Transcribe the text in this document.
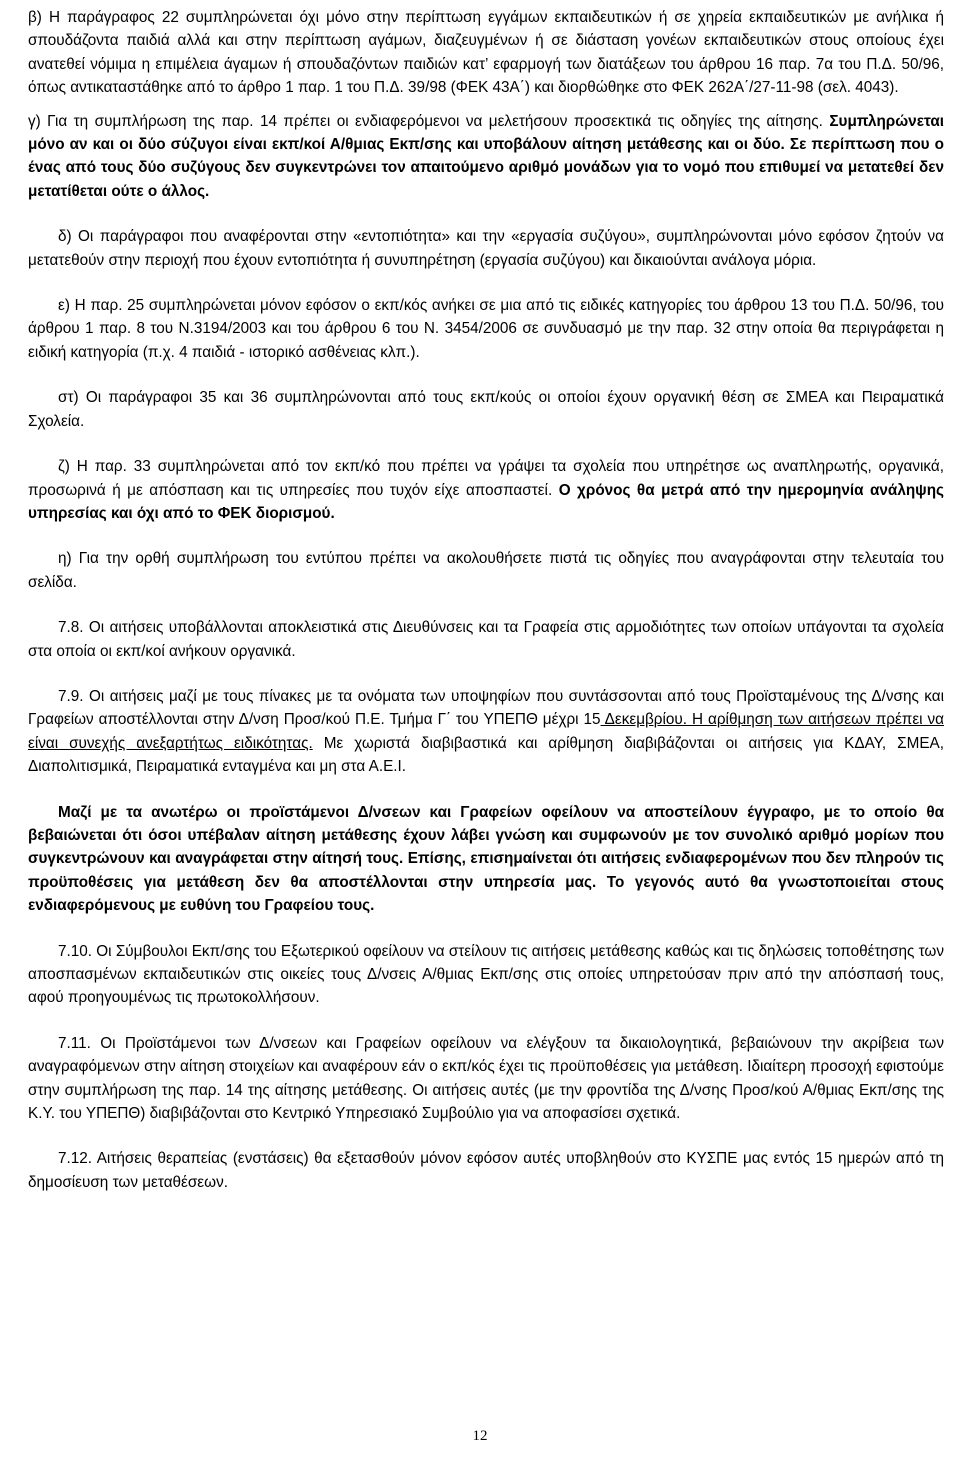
β) Η παράγραφος 22 συμπληρώνεται όχι μόνο στην περίπτωση εγγάμων εκπαιδευτικών ή σε χηρεία εκπαιδευτικών με ανήλικα ή σπουδάζοντα παιδιά αλλά και στην περίπτωση αγάμων, διαζευγμένων ή σε διάσταση γονέων εκπαιδευτικών στους οποίους έχει ανατεθεί νόμιμα η επιμέλεια άγαμων ή σπουδαζόντων παιδιών κατ’ εφαρμογή των διατάξεων του άρθρου 16 παρ. 7α του Π.Δ. 50/96, όπως αντικαταστάθηκε από το άρθρο 1 παρ. 1 του Π.Δ. 39/98 (ΦΕΚ 43Α΄) και διορθώθηκε στο ΦΕΚ 262Α΄/27-11-98 (σελ. 4043).

γ) Για τη συμπλήρωση της παρ. 14 πρέπει οι ενδιαφερόμενοι να μελετήσουν προσεκτικά τις οδηγίες της αίτησης. Συμπληρώνεται μόνο αν και οι δύο σύζυγοι είναι εκπ/κοί Α/θμιας Εκπ/σης και υποβάλουν αίτηση μετάθεσης και οι δύο. Σε περίπτωση που ο ένας από τους δύο συζύγους δεν συγκεντρώνει τον απαιτούμενο αριθμό μονάδων για το νομό που επιθυμεί να μετατεθεί δεν μετατίθεται ούτε ο άλλος.

δ) Οι παράγραφοι που αναφέρονται στην «εντοπιότητα» και την «εργασία συζύγου», συμπληρώνονται μόνο εφόσον ζητούν να μετατεθούν στην περιοχή που έχουν εντοπιότητα ή συνυπηρέτηση (εργασία συζύγου) και δικαιούνται ανάλογα μόρια.

ε) Η παρ. 25 συμπληρώνεται μόνον εφόσον ο εκπ/κός ανήκει σε μια από τις ειδικές κατηγορίες του άρθρου 13 του Π.Δ. 50/96, του άρθρου 1 παρ. 8 του Ν.3194/2003 και του άρθρου 6 του Ν. 3454/2006 σε συνδυασμό με την παρ. 32 στην οποία θα περιγράφεται η ειδική κατηγορία (π.χ. 4 παιδιά - ιστορικό ασθένειας κλπ.).

στ) Οι παράγραφοι 35 και 36 συμπληρώνονται από τους εκπ/κούς οι οποίοι έχουν οργανική θέση σε ΣΜΕΑ και Πειραματικά Σχολεία.

ζ) Η παρ. 33 συμπληρώνεται από τον εκπ/κό που πρέπει να γράψει τα σχολεία που υπηρέτησε ως αναπληρωτής, οργανικά, προσωρινά ή με απόσπαση και τις υπηρεσίες που τυχόν είχε αποσπαστεί. Ο χρόνος θα μετρά από την ημερομηνία ανάληψης υπηρεσίας και όχι από το ΦΕΚ διορισμού.

η) Για την ορθή συμπλήρωση του εντύπου πρέπει να ακολουθήσετε πιστά τις οδηγίες που αναγράφονται στην τελευταία του σελίδα.

7.8. Οι αιτήσεις υποβάλλονται αποκλειστικά στις Διευθύνσεις και τα Γραφεία στις αρμοδιότητες των οποίων υπάγονται τα σχολεία στα οποία οι εκπ/κοί ανήκουν οργανικά.

7.9. Οι αιτήσεις μαζί με τους πίνακες με τα ονόματα των υποψηφίων που συντάσσονται από τους Προϊσταμένους της Δ/νσης και Γραφείων αποστέλλονται στην Δ/νση Προσ/κού Π.Ε. Τμήμα Γ΄ του ΥΠΕΠΘ μέχρι 15 Δεκεμβρίου. Η αρίθμηση των αιτήσεων πρέπει να είναι συνεχής ανεξαρτήτως ειδικότητας. Με χωριστά διαβιβαστικά και αρίθμηση διαβιβάζονται οι αιτήσεις για ΚΔΑΥ, ΣΜΕΑ, Διαπολιτισμικά, Πειραματικά ενταγμένα και μη στα Α.Ε.Ι.

Μαζί με τα ανωτέρω οι προϊστάμενοι Δ/νσεων και Γραφείων οφείλουν να αποστείλουν έγγραφο, με το οποίο θα βεβαιώνεται ότι όσοι υπέβαλαν αίτηση μετάθεσης έχουν λάβει γνώση και συμφωνούν με τον συνολικό αριθμό μορίων που συγκεντρώνουν και αναγράφεται στην αίτησή τους. Επίσης, επισημαίνεται ότι αιτήσεις ενδιαφερομένων που δεν πληρούν τις προϋποθέσεις για μετάθεση δεν θα αποστέλλονται στην υπηρεσία μας. Το γεγονός αυτό θα γνωστοποιείται στους ενδιαφερόμενους με ευθύνη του Γραφείου τους.

7.10. Οι Σύμβουλοι Εκπ/σης του Εξωτερικού οφείλουν να στείλουν τις αιτήσεις μετάθεσης καθώς και τις δηλώσεις τοποθέτησης των αποσπασμένων εκπαιδευτικών στις οικείες τους Δ/νσεις Α/θμιας Εκπ/σης στις οποίες υπηρετούσαν πριν από την απόσπασή τους, αφού προηγουμένως τις πρωτοκολλήσουν.

7.11. Οι Προϊστάμενοι των Δ/νσεων και Γραφείων οφείλουν να ελέγξουν τα δικαιολογητικά, βεβαιώνουν την ακρίβεια των αναγραφόμενων στην αίτηση στοιχείων και αναφέρουν εάν ο εκπ/κός έχει τις προϋποθέσεις για μετάθεση. Ιδιαίτερη προσοχή εφιστούμε στην συμπλήρωση της παρ. 14 της αίτησης μετάθεσης. Οι αιτήσεις αυτές (με την φροντίδα της Δ/νσης Προσ/κού Α/θμιας Εκπ/σης της Κ.Υ. του ΥΠΕΠΘ) διαβιβάζονται στο Κεντρικό Υπηρεσιακό Συμβούλιο για να αποφασίσει σχετικά.

7.12. Αιτήσεις θεραπείας (ενστάσεις) θα εξετασθούν μόνον εφόσον αυτές υποβληθούν στο ΚΥΣΠΕ μας εντός 15 ημερών από τη δημοσίευση των μεταθέσεων.

12
